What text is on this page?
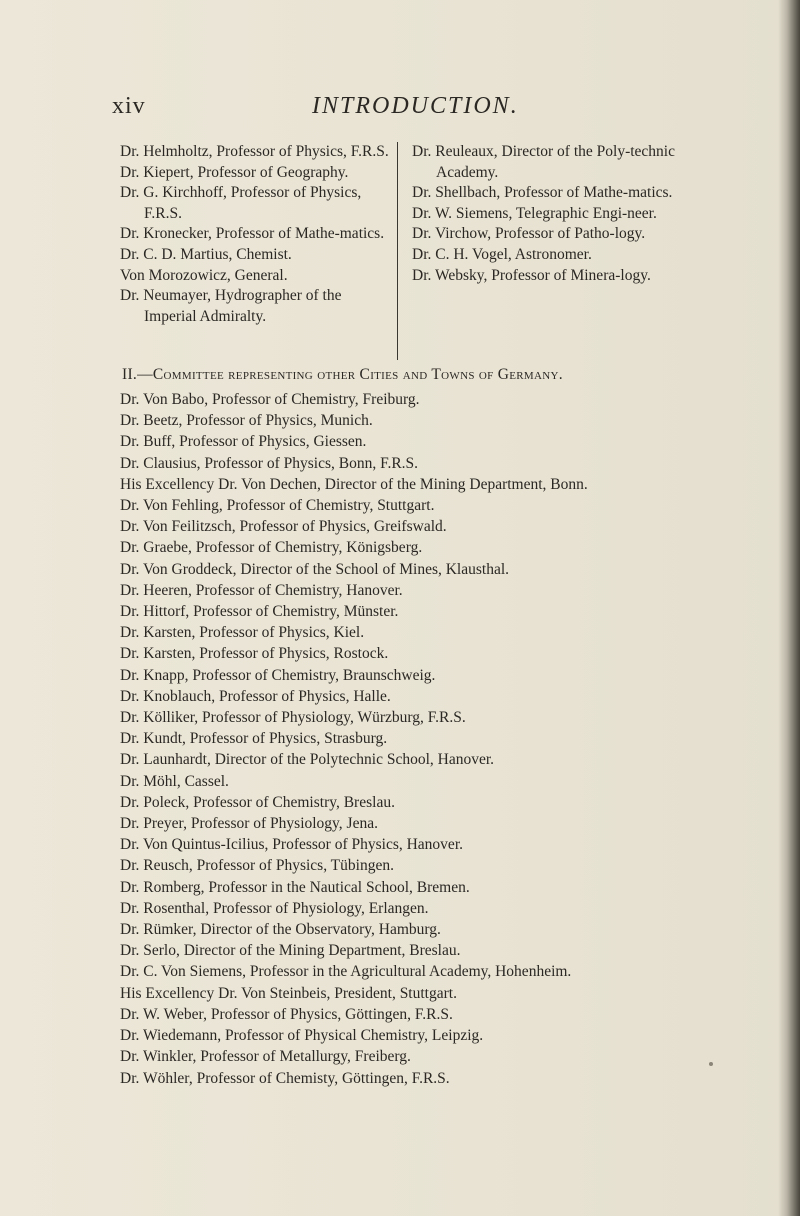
xiv	INTRODUCTION.

Dr. Helmholtz, Professor of Physics, F.R.S.

Dr. Kiepert, Professor of Geography.

Dr. G. Kirchhoff, Professor of Physics, F.R.S.

Dr. Kronecker, Professor of Mathe-matics.

Dr. C. D. Martius, Chemist.

Von Morozowicz, General.

Dr. Neumayer, Hydrographer of the Imperial Admiralty.

Dr. Reuleaux, Director of the Poly-technic Academy.

Dr. Shellbach, Professor of Mathe-matics.

Dr. W. Siemens, Telegraphic Engi-neer.

Dr. Virchow, Professor of Patho-logy.

Dr. C. H. Vogel, Astronomer.

Dr. Websky, Professor of Minera-logy.

II.—Committee representing other Cities and Towns of Germany.

Dr. Von Babo, Professor of Chemistry, Freiburg.

Dr. Beetz, Professor of Physics, Munich.

Dr. Buff, Professor of Physics, Giessen.

Dr. Clausius, Professor of Physics, Bonn, F.R.S.

His Excellency Dr. Von Dechen, Director of the Mining Department, Bonn.

Dr. Von Fehling, Professor of Chemistry, Stuttgart.

Dr. Von Feilitzsch, Professor of Physics, Greifswald.

Dr. Graebe, Professor of Chemistry, Königsberg.

Dr. Von Groddeck, Director of the School of Mines, Klausthal.

Dr. Heeren, Professor of Chemistry, Hanover.

Dr. Hittorf, Professor of Chemistry, Münster.

Dr. Karsten, Professor of Physics, Kiel.

Dr. Karsten, Professor of Physics, Rostock.

Dr. Knapp, Professor of Chemistry, Braunschweig.

Dr. Knoblauch, Professor of Physics, Halle.

Dr. Kölliker, Professor of Physiology, Würzburg, F.R.S.

Dr. Kundt, Professor of Physics, Strasburg.

Dr. Launhardt, Director of the Polytechnic School, Hanover.

Dr. Möhl, Cassel.

Dr. Poleck, Professor of Chemistry, Breslau.

Dr. Preyer, Professor of Physiology, Jena.

Dr. Von Quintus-Icilius, Professor of Physics, Hanover.

Dr. Reusch, Professor of Physics, Tübingen.

Dr. Romberg, Professor in the Nautical School, Bremen.

Dr. Rosenthal, Professor of Physiology, Erlangen.

Dr. Rümker, Director of the Observatory, Hamburg.

Dr. Serlo, Director of the Mining Department, Breslau.

Dr. C. Von Siemens, Professor in the Agricultural Academy, Hohenheim.

His Excellency Dr. Von Steinbeis, President, Stuttgart.

Dr. W. Weber, Professor of Physics, Göttingen, F.R.S.

Dr. Wiedemann, Professor of Physical Chemistry, Leipzig.

Dr. Winkler, Professor of Metallurgy, Freiberg.

Dr. Wöhler, Professor of Chemisty, Göttingen, F.R.S.
